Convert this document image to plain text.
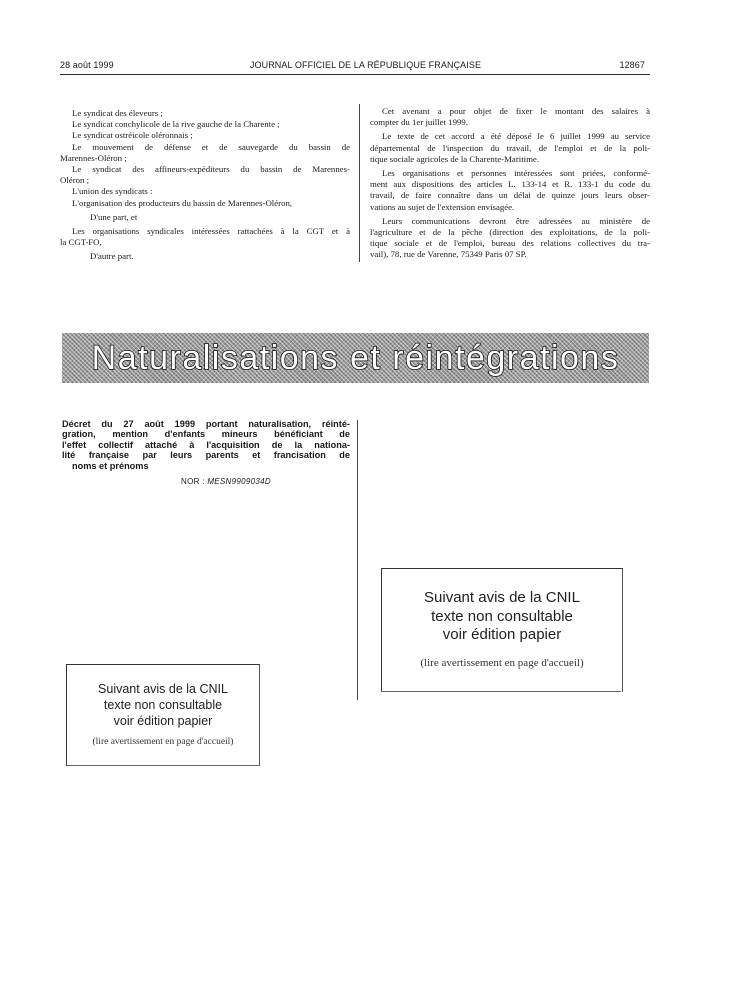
28 août 1999	JOURNAL OFFICIEL DE LA RÉPUBLIQUE FRANÇAISE	12867
Le syndicat des éleveurs ;
Le syndicat conchylicole de la rive gauche de la Charente ;
Le syndicat ostréicole oléronnais ;
Le mouvement de défense et de sauvegarde du bassin de
Marennes-Oléron ;
Le syndicat des affineurs-expéditeurs du bassin de Marennes-
Oléron ;
L'union des syndicats :
L'organisation des producteurs du bassin de Marennes-Oléron,
D'une part, et
Les organisations syndicales intéressées rattachées à la CGT et à
la CGT-FO,
D'autre part.
Cet avenant a pour objet de fixer le montant des salaires à
compter du 1er juillet 1999.
Le texte de cet accord a été déposé le 6 juillet 1999 au service
départemental de l'inspection du travail, de l'emploi et de la poli-
tique sociale agricoles de la Charente-Maritime.
Les organisations et personnes intéressées sont priées, conformé-
ment aux dispositions des articles L. 133-14 et R. 133-1 du code du
travail, de faire connaître dans un délai de quinze jours leurs obser-
vations au sujet de l'extension envisagée.
Leurs communications devront être adressées au ministère de
l'agriculture et de la pêche (direction des exploitations, de la poli-
tique sociale et de l'emploi, bureau des relations collectives du tra-
vail), 78, rue de Varenne, 75349 Paris 07 SP.
Naturalisations et réintégrations
Décret du 27 août 1999 portant naturalisation, réinté-
gration, mention d'enfants mineurs bénéficiant de
l'effet collectif attaché à l'acquisition de la nationa-
lité française par leurs parents et francisation de
noms et prénoms
NOR : MESN9909034D
Suivant avis de la CNIL
texte non consultable
voir édition papier
(lire avertissement en page d'accueil)
Suivant avis de la CNIL
texte non consultable
voir édition papier
(lire avertissement en page d'accueil)
